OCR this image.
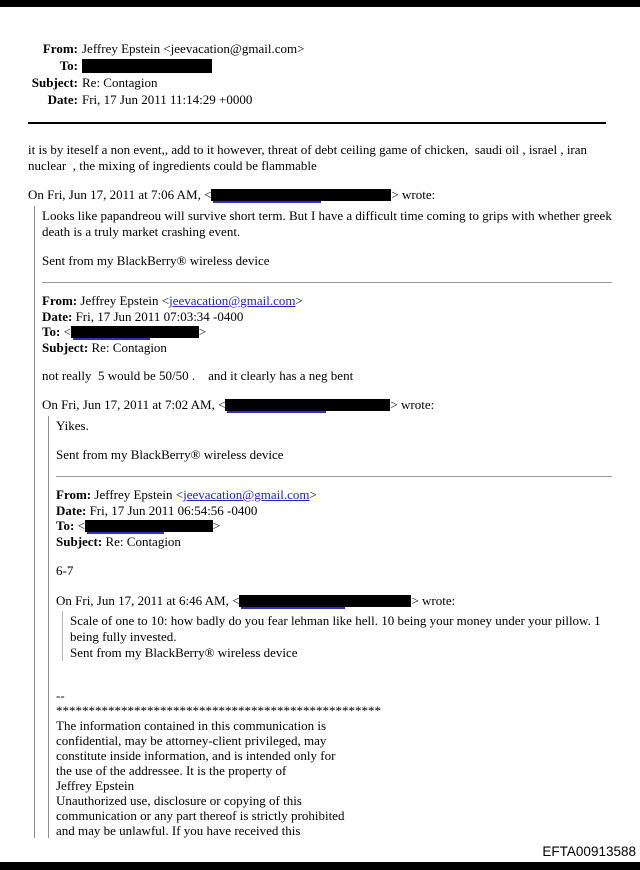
From: Jeffrey Epstein <jeevacation@gmail.com>
To:
Subject: Re: Contagion
Date: Fri, 17 Jun 2011 11:14:29 +0000

it is by iteself a non event,, add to it however, threat of debt ceiling game of chicken,  saudi oil , israel , iran nuclear  , the mixing of ingredients could be flammable

On Fri, Jun 17, 2011 at 7:06 AM, <	> wrote:

Looks like papandreou will survive short term. But I have a difficult time coming to grips with whether greek death is a truly market crashing event.

Sent from my BlackBerry® wireless device

From: Jeffrey Epstein <jeevacation@gmail.com>
Date: Fri, 17 Jun 2011 07:03:34 -0400
To: <	>
Subject: Re: Contagion

not really  5 would be 50/50 .    and it clearly has a neg bent

On Fri, Jun 17, 2011 at 7:02 AM, <	> wrote:

Yikes.

Sent from my BlackBerry® wireless device

From: Jeffrey Epstein <jeevacation@gmail.com>
Date: Fri, 17 Jun 2011 06:54:56 -0400
To: <	>
Subject: Re: Contagion

6-7

On Fri, Jun 17, 2011 at 6:46 AM, <	> wrote:

Scale of one to 10: how badly do you fear lehman like hell. 10 being your money under your pillow. 1 being fully invested.

Sent from my BlackBerry® wireless device

--
**************************************************
The information contained in this communication is
confidential, may be attorney-client privileged, may
constitute inside information, and is intended only for
the use of the addressee. It is the property of
Jeffrey Epstein
Unauthorized use, disclosure or copying of this
communication or any part thereof is strictly prohibited
and may be unlawful. If you have received this
EFTA00913588
